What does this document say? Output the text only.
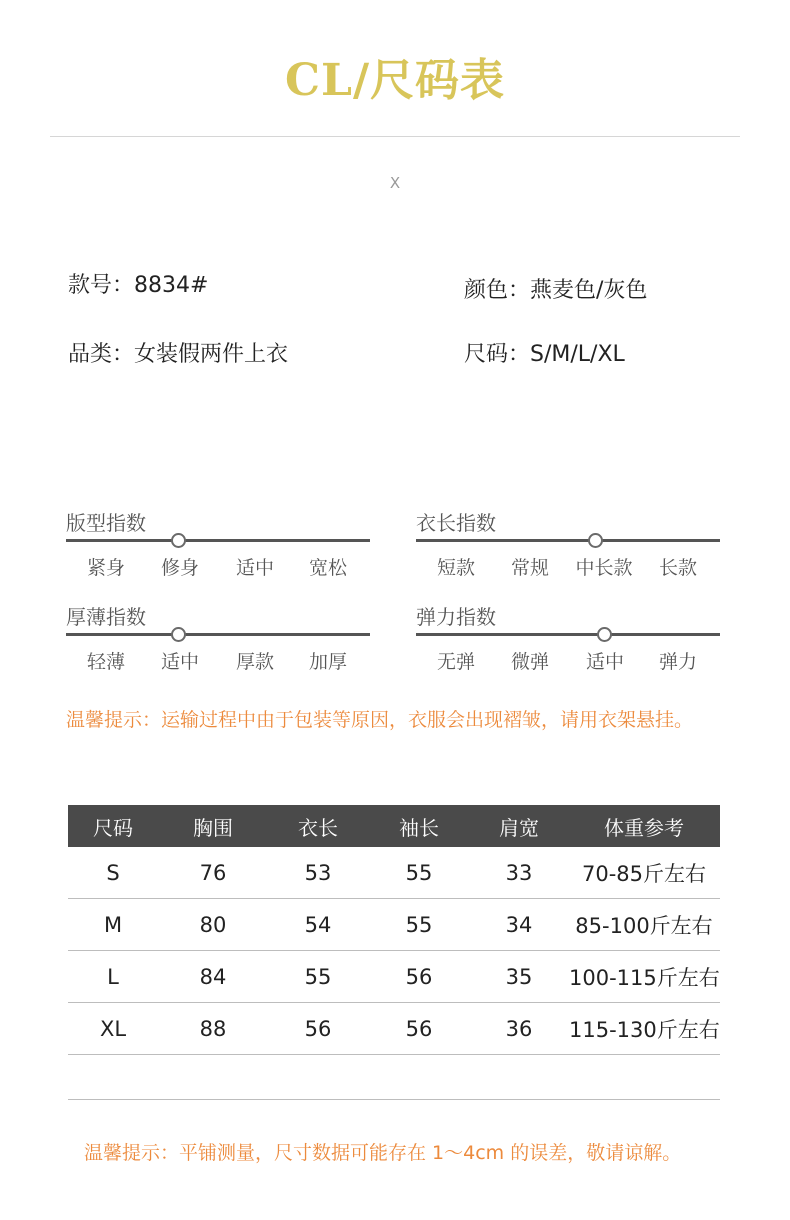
CL/尺码表
X
款号：8834#	颜色：燕麦色/灰色
品类：女装假两件上衣	尺码：S/M/L/XL
版型指数
紧身	修身	适中	宽松
衣长指数
短款	常规	中长款	长款
厚薄指数
轻薄	适中	厚款	加厚
弹力指数
无弹	微弹	适中	弹力
温馨提示：运输过程中由于包装等原因，衣服会出现褶皱，请用衣架悬挂。
尺码	胸围	衣长	袖长	肩宽	体重参考
S	76	53	55	33	70-85斤左右
M	80	54	55	34	85-100斤左右
L	84	55	56	35	100-115斤左右
XL	88	56	56	36	115-130斤左右
温馨提示：平铺测量，尺寸数据可能存在 1～4cm 的误差，敬请谅解。
